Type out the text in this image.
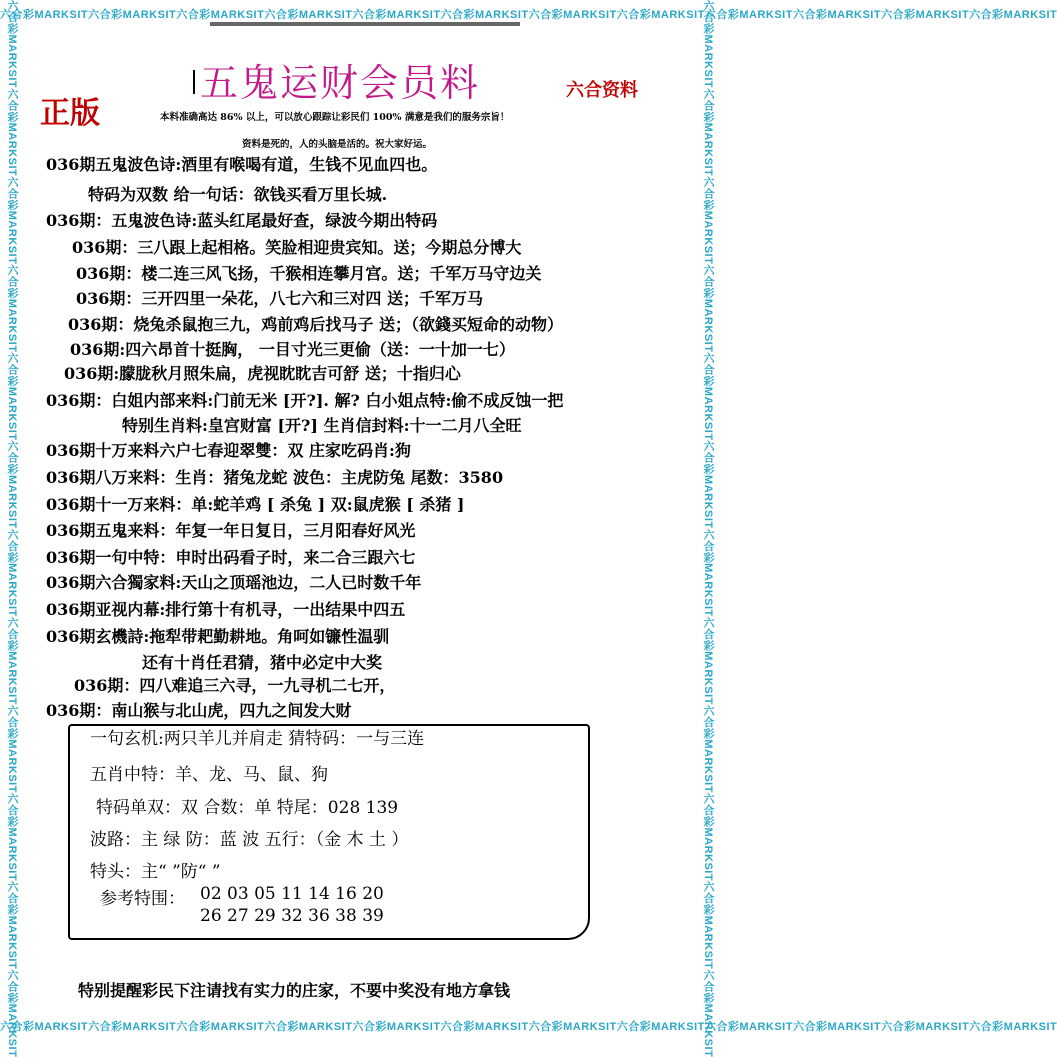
六合彩MARKSIT六合彩MARKSIT六合彩MARKSIT六合彩MARKSIT六合彩MARKSIT六合彩MARKSIT六合彩MARKSIT六合彩MARKSIT六合彩MARKSIT六合彩MARKSIT六合彩MARKSIT六合彩MARKSIT
六合彩MARKSIT六合彩MARKSIT六合彩MARKSIT六合彩MARKSIT六合彩MARKSIT六合彩MARKSIT六合彩MARKSIT六合彩MARKSIT六合彩MARKSIT六合彩MARKSIT六合彩MARKSIT六合彩MARKSIT
六合彩MARKSIT六合彩MARKSIT六合彩MARKSIT六合彩MARKSIT六合彩MARKSIT六合彩MARKSIT六合彩MARKSIT六合彩MARKSIT六合彩MARKSIT六合彩MARKSIT六合彩MARKSIT六合彩MARKSIT	六合彩MARKSIT六合彩MARKSIT六合彩MARKSIT六合彩MARKSIT六合彩MARKSIT六合彩MARKSIT六合彩MARKSIT六合彩MARKSIT六合彩MARKSIT六合彩MARKSIT六合彩MARKSIT六合彩MARKSIT
五鬼运财会员料
正版
六合资料
本料准确高达 86% 以上，可以放心跟踪让彩民们 100% 满意是我们的服务宗旨！
资料是死的，人的头脑是活的。祝大家好运。
036期五鬼波色诗:酒里有喉喝有道，生钱不见血四也。
特码为双数 给一句话：欲钱买看万里长城.
036期：五鬼波色诗:蓝头红尾最好查，绿波今期出特码
036期：三八跟上起相格。笑脸相迎贵宾知。送；今期总分博大
036期：楼二连三风飞扬，千猴相连攀月宫。送；千军万马守边关
036期：三开四里一朵花，八七六和三对四 送；千军万马
036期：烧兔杀鼠抱三九，鸡前鸡后找马子 送；（欲錢买短命的动物）
036期:四六昂首十挺胸， 一目寸光三更偷（送：一十加一七）
036期:朦胧秋月照朱扁，虎视眈眈吉可舒 送；十指归心
036期：白姐内部来料:门前无米 [开?]. 解? 白小姐点特:偷不成反蚀一把
特别生肖料:皇宫财富 [开?] 生肖信封料:十一二月八全旺
036期十万来料六户七春迎翠雙：双 庄家吃码肖:狗
036期八万来料：生肖：猪兔龙蛇 波色：主虎防兔 尾数：3580
036期十一万来料：单:蛇羊鸡 [ 杀兔 ] 双:鼠虎猴 [ 杀猪 ]
036期五鬼来料：年复一年日复日，三月阳春好风光
036期一句中特：申时出码看子时，来二合三跟六七
036期六合獨家料:天山之顶瑶池边，二人已时数千年
036期亚视内幕:排行第十有机寻，一出结果中四五
036期玄機詩:拖犁带耙勤耕地。角呵如镰性温驯
还有十肖任君猜，猪中必定中大奖
036期：四八难追三六寻，一九寻机二七开，
036期：南山猴与北山虎，四九之间发大财
一句玄机:两只羊儿并肩走 猜特码：一与三连
五肖中特：羊、龙、马、鼠、狗
特码单双：双 合数：单 特尾：028 139
波路：主 绿 防：蓝 波 五行：（金 木 土 ）
特头：主“ ”防“ ”
参考特围： 02 03 05 11 14 16 20
26 27 29 32 36 38 39
特别提醒彩民下注请找有实力的庄家，不要中奖没有地方拿钱
